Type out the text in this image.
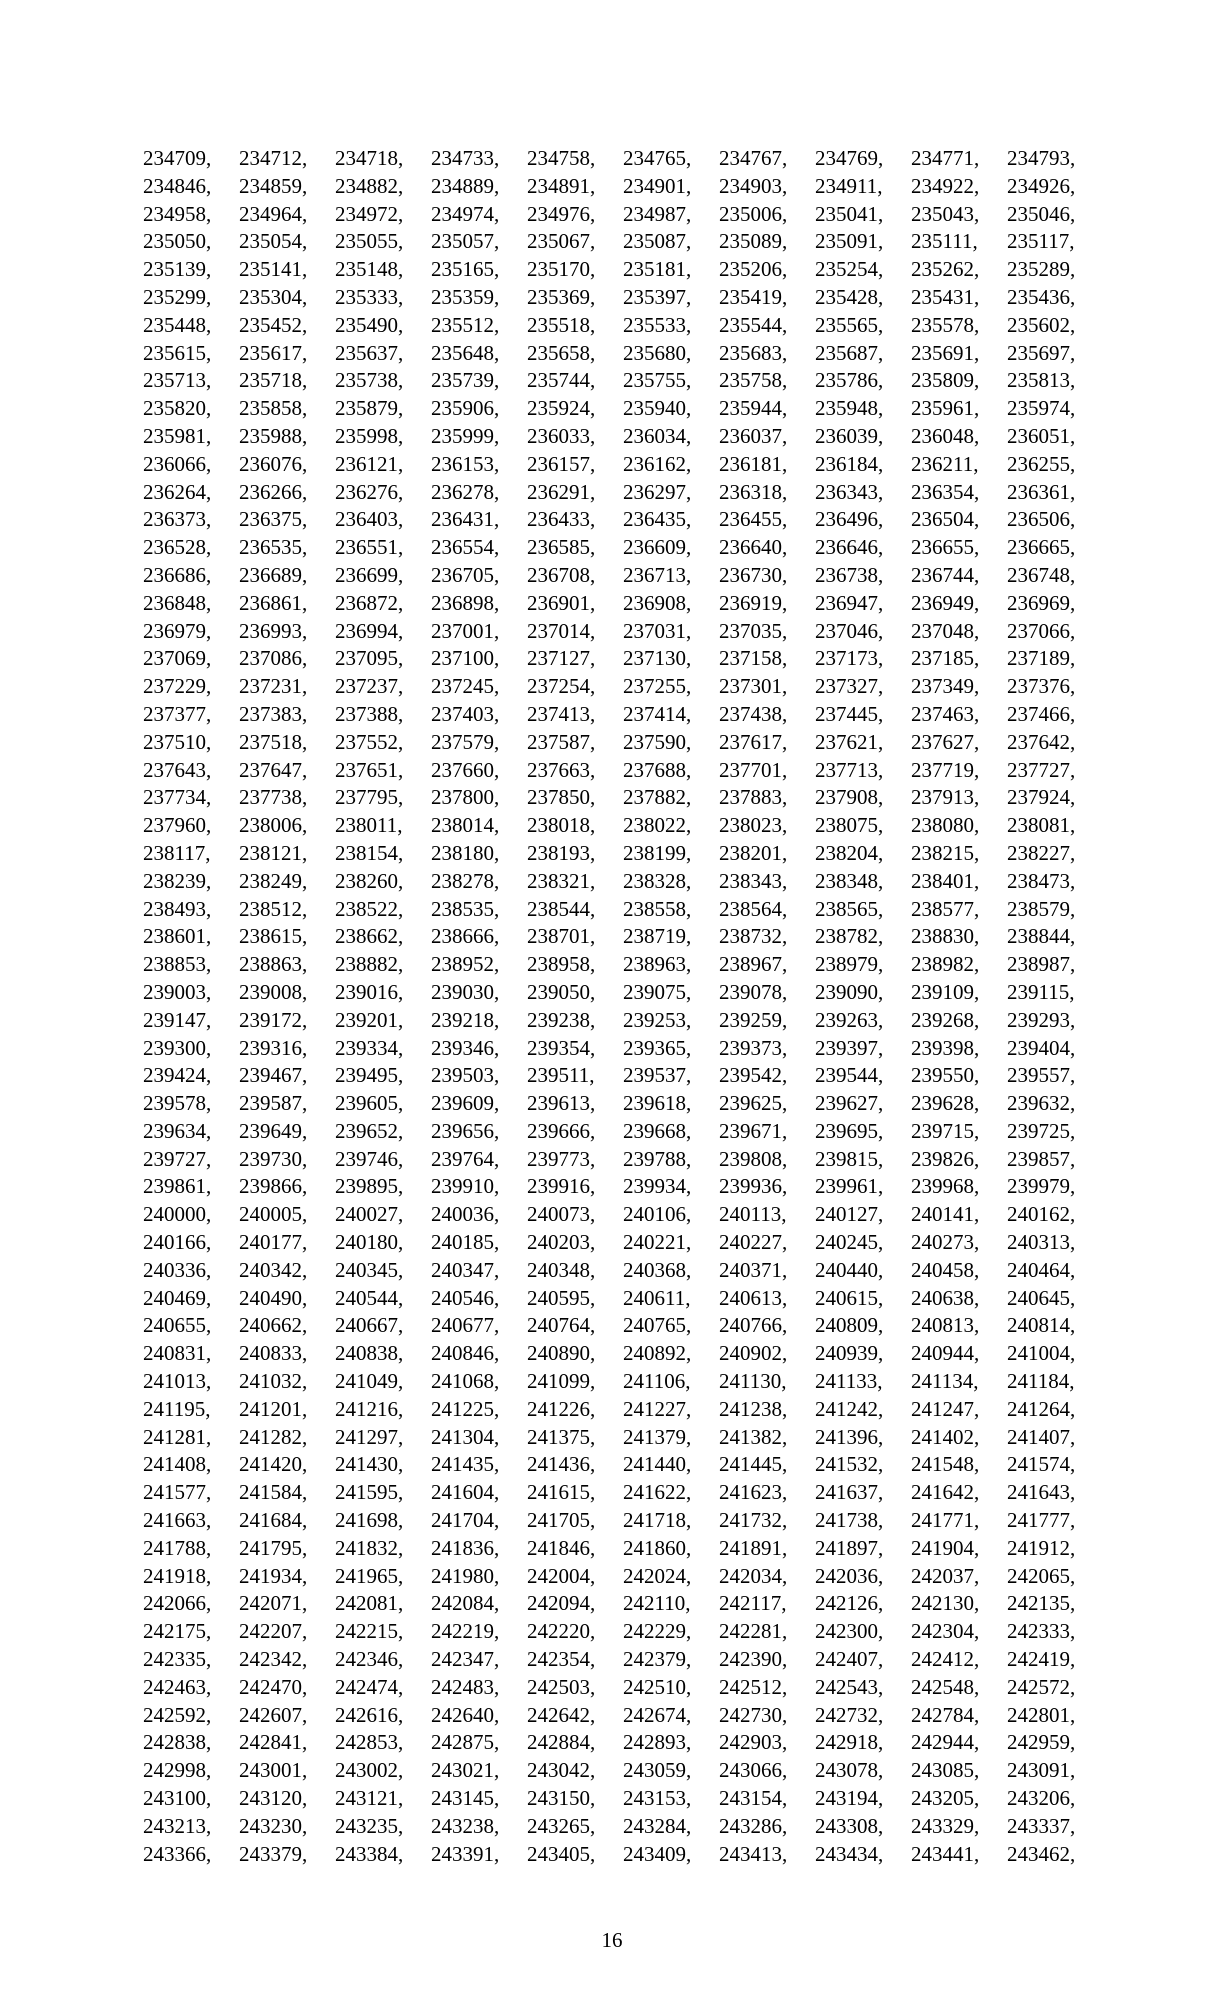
234709,	234712,	234718,	234733,	234758,	234765,	234767,	234769,	234771,	234793,
234846,	234859,	234882,	234889,	234891,	234901,	234903,	234911,	234922,	234926,
234958,	234964,	234972,	234974,	234976,	234987,	235006,	235041,	235043,	235046,
235050,	235054,	235055,	235057,	235067,	235087,	235089,	235091,	235111,	235117,
235139,	235141,	235148,	235165,	235170,	235181,	235206,	235254,	235262,	235289,
235299,	235304,	235333,	235359,	235369,	235397,	235419,	235428,	235431,	235436,
235448,	235452,	235490,	235512,	235518,	235533,	235544,	235565,	235578,	235602,
235615,	235617,	235637,	235648,	235658,	235680,	235683,	235687,	235691,	235697,
235713,	235718,	235738,	235739,	235744,	235755,	235758,	235786,	235809,	235813,
235820,	235858,	235879,	235906,	235924,	235940,	235944,	235948,	235961,	235974,
235981,	235988,	235998,	235999,	236033,	236034,	236037,	236039,	236048,	236051,
236066,	236076,	236121,	236153,	236157,	236162,	236181,	236184,	236211,	236255,
236264,	236266,	236276,	236278,	236291,	236297,	236318,	236343,	236354,	236361,
236373,	236375,	236403,	236431,	236433,	236435,	236455,	236496,	236504,	236506,
236528,	236535,	236551,	236554,	236585,	236609,	236640,	236646,	236655,	236665,
236686,	236689,	236699,	236705,	236708,	236713,	236730,	236738,	236744,	236748,
236848,	236861,	236872,	236898,	236901,	236908,	236919,	236947,	236949,	236969,
236979,	236993,	236994,	237001,	237014,	237031,	237035,	237046,	237048,	237066,
237069,	237086,	237095,	237100,	237127,	237130,	237158,	237173,	237185,	237189,
237229,	237231,	237237,	237245,	237254,	237255,	237301,	237327,	237349,	237376,
237377,	237383,	237388,	237403,	237413,	237414,	237438,	237445,	237463,	237466,
237510,	237518,	237552,	237579,	237587,	237590,	237617,	237621,	237627,	237642,
237643,	237647,	237651,	237660,	237663,	237688,	237701,	237713,	237719,	237727,
237734,	237738,	237795,	237800,	237850,	237882,	237883,	237908,	237913,	237924,
237960,	238006,	238011,	238014,	238018,	238022,	238023,	238075,	238080,	238081,
238117,	238121,	238154,	238180,	238193,	238199,	238201,	238204,	238215,	238227,
238239,	238249,	238260,	238278,	238321,	238328,	238343,	238348,	238401,	238473,
238493,	238512,	238522,	238535,	238544,	238558,	238564,	238565,	238577,	238579,
238601,	238615,	238662,	238666,	238701,	238719,	238732,	238782,	238830,	238844,
238853,	238863,	238882,	238952,	238958,	238963,	238967,	238979,	238982,	238987,
239003,	239008,	239016,	239030,	239050,	239075,	239078,	239090,	239109,	239115,
239147,	239172,	239201,	239218,	239238,	239253,	239259,	239263,	239268,	239293,
239300,	239316,	239334,	239346,	239354,	239365,	239373,	239397,	239398,	239404,
239424,	239467,	239495,	239503,	239511,	239537,	239542,	239544,	239550,	239557,
239578,	239587,	239605,	239609,	239613,	239618,	239625,	239627,	239628,	239632,
239634,	239649,	239652,	239656,	239666,	239668,	239671,	239695,	239715,	239725,
239727,	239730,	239746,	239764,	239773,	239788,	239808,	239815,	239826,	239857,
239861,	239866,	239895,	239910,	239916,	239934,	239936,	239961,	239968,	239979,
240000,	240005,	240027,	240036,	240073,	240106,	240113,	240127,	240141,	240162,
240166,	240177,	240180,	240185,	240203,	240221,	240227,	240245,	240273,	240313,
240336,	240342,	240345,	240347,	240348,	240368,	240371,	240440,	240458,	240464,
240469,	240490,	240544,	240546,	240595,	240611,	240613,	240615,	240638,	240645,
240655,	240662,	240667,	240677,	240764,	240765,	240766,	240809,	240813,	240814,
240831,	240833,	240838,	240846,	240890,	240892,	240902,	240939,	240944,	241004,
241013,	241032,	241049,	241068,	241099,	241106,	241130,	241133,	241134,	241184,
241195,	241201,	241216,	241225,	241226,	241227,	241238,	241242,	241247,	241264,
241281,	241282,	241297,	241304,	241375,	241379,	241382,	241396,	241402,	241407,
241408,	241420,	241430,	241435,	241436,	241440,	241445,	241532,	241548,	241574,
241577,	241584,	241595,	241604,	241615,	241622,	241623,	241637,	241642,	241643,
241663,	241684,	241698,	241704,	241705,	241718,	241732,	241738,	241771,	241777,
241788,	241795,	241832,	241836,	241846,	241860,	241891,	241897,	241904,	241912,
241918,	241934,	241965,	241980,	242004,	242024,	242034,	242036,	242037,	242065,
242066,	242071,	242081,	242084,	242094,	242110,	242117,	242126,	242130,	242135,
242175,	242207,	242215,	242219,	242220,	242229,	242281,	242300,	242304,	242333,
242335,	242342,	242346,	242347,	242354,	242379,	242390,	242407,	242412,	242419,
242463,	242470,	242474,	242483,	242503,	242510,	242512,	242543,	242548,	242572,
242592,	242607,	242616,	242640,	242642,	242674,	242730,	242732,	242784,	242801,
242838,	242841,	242853,	242875,	242884,	242893,	242903,	242918,	242944,	242959,
242998,	243001,	243002,	243021,	243042,	243059,	243066,	243078,	243085,	243091,
243100,	243120,	243121,	243145,	243150,	243153,	243154,	243194,	243205,	243206,
243213,	243230,	243235,	243238,	243265,	243284,	243286,	243308,	243329,	243337,
243366,	243379,	243384,	243391,	243405,	243409,	243413,	243434,	243441,	243462,
16
